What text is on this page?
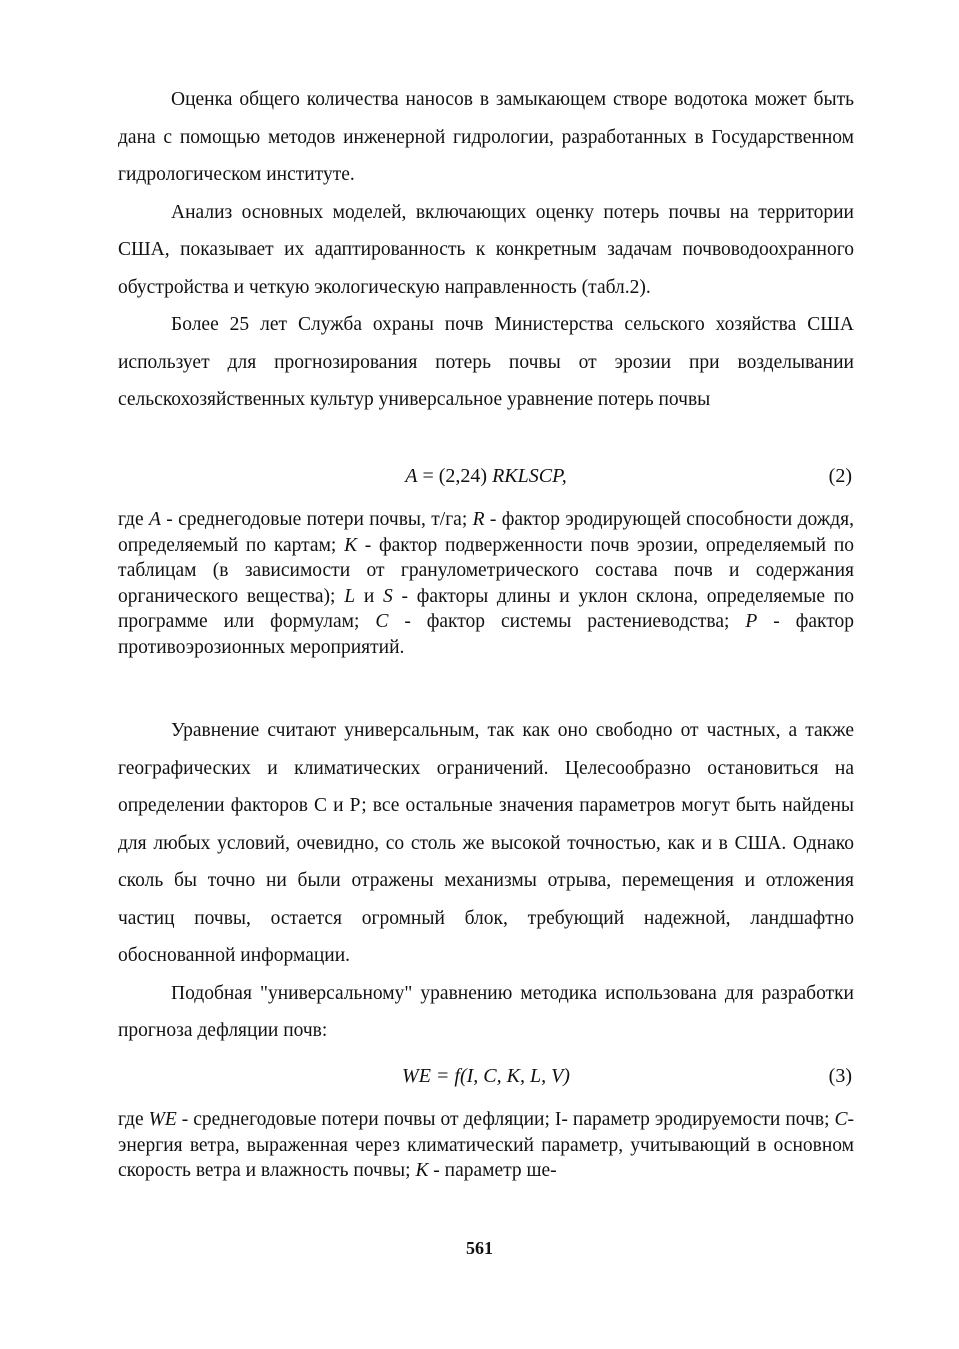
Оценка общего количества наносов в замыкающем створе водотока может быть дана с помощью методов инженерной гидрологии, разработанных в Государственном гидрологическом институте.

Анализ основных моделей, включающих оценку потерь почвы на территории США, показывает их адаптированность к конкретным задачам почвоводоохранного обустройства и четкую экологическую направленность (табл.2).

Более 25 лет Служба охраны почв Министерства сельского хозяйства США использует для прогнозирования потерь почвы от эрозии при возделывании сельскохозяйственных культур универсальное уравнение потерь почвы

A = (2,24) RKLSCP,	(2)

где A - среднегодовые потери почвы, т/га; R - фактор эродирующей способности дождя, определяемый по картам; К - фактор подверженности почв эрозии, определяемый по таблицам (в зависимости от гранулометрического состава почв и содержания органического вещества); L и S - факторы длины и уклон склона, определяемые по программе или формулам; С - фактор системы растениеводства; Р - фактор противоэрозионных мероприятий.

Уравнение считают универсальным, так как оно свободно от частных, а также географических и климатических ограничений. Целесообразно остановиться на определении факторов С и Р; все остальные значения параметров могут быть найдены для любых условий, очевидно, со столь же высокой точностью, как и в США. Однако сколь бы точно ни были отражены механизмы отрыва, перемещения и отложения частиц почвы, остается огромный блок, требующий надежной, ландшафтно обоснованной информации.

Подобная "универсальному" уравнению методика использована для разработки прогноза дефляции почв:

WE = f(I, C, K, L, V)	(3)

где WE - среднегодовые потери почвы от дефляции; I- параметр эродируемости почв; С-энергия ветра, выраженная через климатический параметр, учитывающий в основном скорость ветра и влажность почвы; К - параметр ше-

561
